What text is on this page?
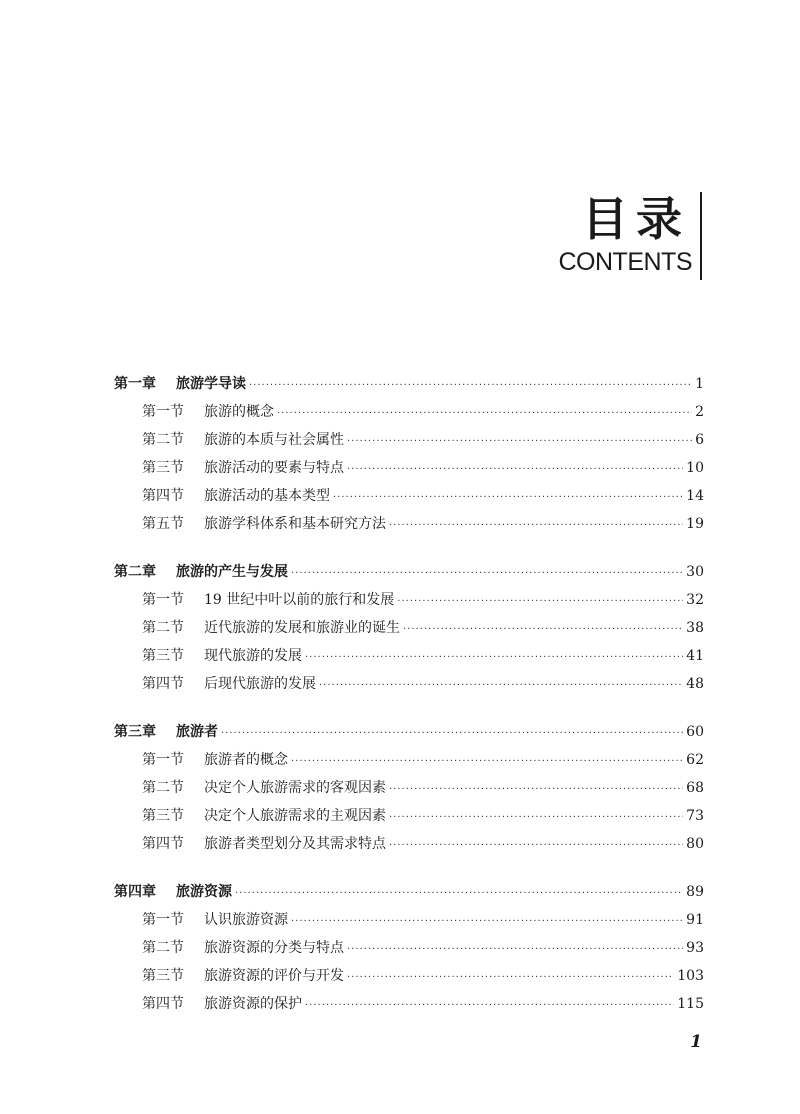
目录
CONTENTS
第一章	旅游学导读 ·····	1
第一节	旅游的概念 ·····	2
第二节	旅游的本质与社会属性 ·····	6
第三节	旅游活动的要素与特点 ·····	10
第四节	旅游活动的基本类型 ·····	14
第五节	旅游学科体系和基本研究方法 ·····	19
第二章	旅游的产生与发展 ·····	30
第一节	19 世纪中叶以前的旅行和发展 ·····	32
第二节	近代旅游的发展和旅游业的诞生 ·····	38
第三节	现代旅游的发展 ·····	41
第四节	后现代旅游的发展 ·····	48
第三章	旅游者 ·····	60
第一节	旅游者的概念 ·····	62
第二节	决定个人旅游需求的客观因素 ·····	68
第三节	决定个人旅游需求的主观因素 ·····	73
第四节	旅游者类型划分及其需求特点 ·····	80
第四章	旅游资源 ·····	89
第一节	认识旅游资源 ·····	91
第二节	旅游资源的分类与特点 ·····	93
第三节	旅游资源的评价与开发 ·····	103
第四节	旅游资源的保护 ·····	115
1
